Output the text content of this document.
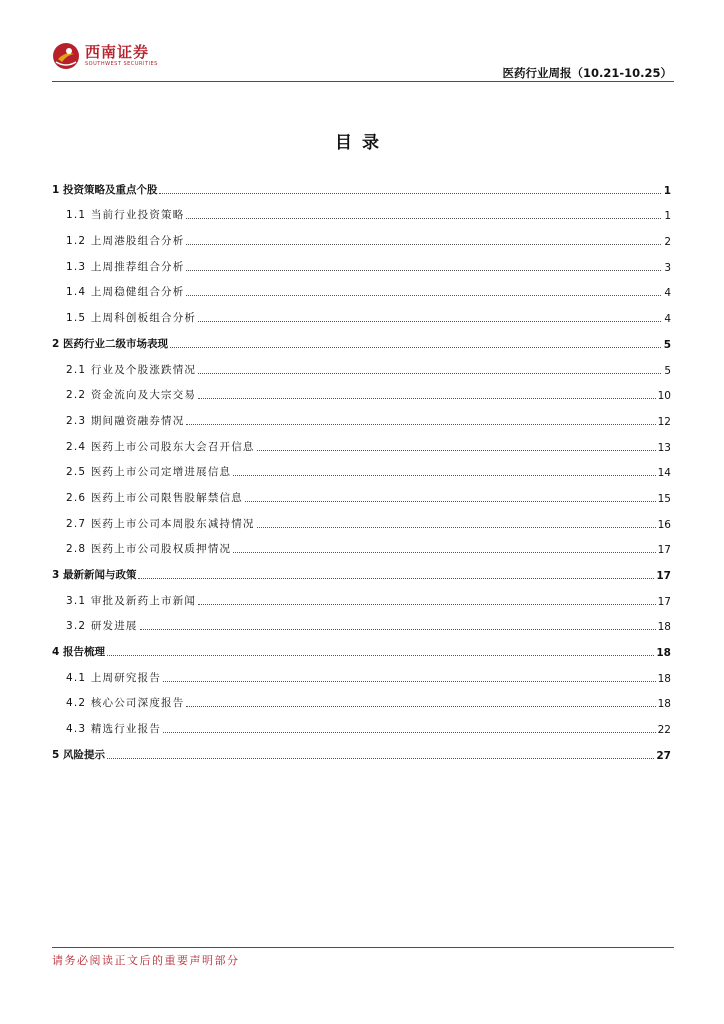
西南证券
SOUTHWEST SECURITIES
医药行业周报（10.21-10.25）
目录
1 投资策略及重点个股	1
1.1 当前行业投资策略	1
1.2 上周港股组合分析	2
1.3 上周推荐组合分析	3
1.4 上周稳健组合分析	4
1.5 上周科创板组合分析	4
2 医药行业二级市场表现	5
2.1 行业及个股涨跌情况	5
2.2 资金流向及大宗交易	10
2.3 期间融资融券情况	12
2.4 医药上市公司股东大会召开信息	13
2.5 医药上市公司定增进展信息	14
2.6 医药上市公司限售股解禁信息	15
2.7 医药上市公司本周股东减持情况	16
2.8 医药上市公司股权质押情况	17
3 最新新闻与政策	17
3.1 审批及新药上市新闻	17
3.2 研发进展	18
4 报告梳理	18
4.1 上周研究报告	18
4.2 核心公司深度报告	18
4.3 精选行业报告	22
5 风险提示	27
请务必阅读正文后的重要声明部分
